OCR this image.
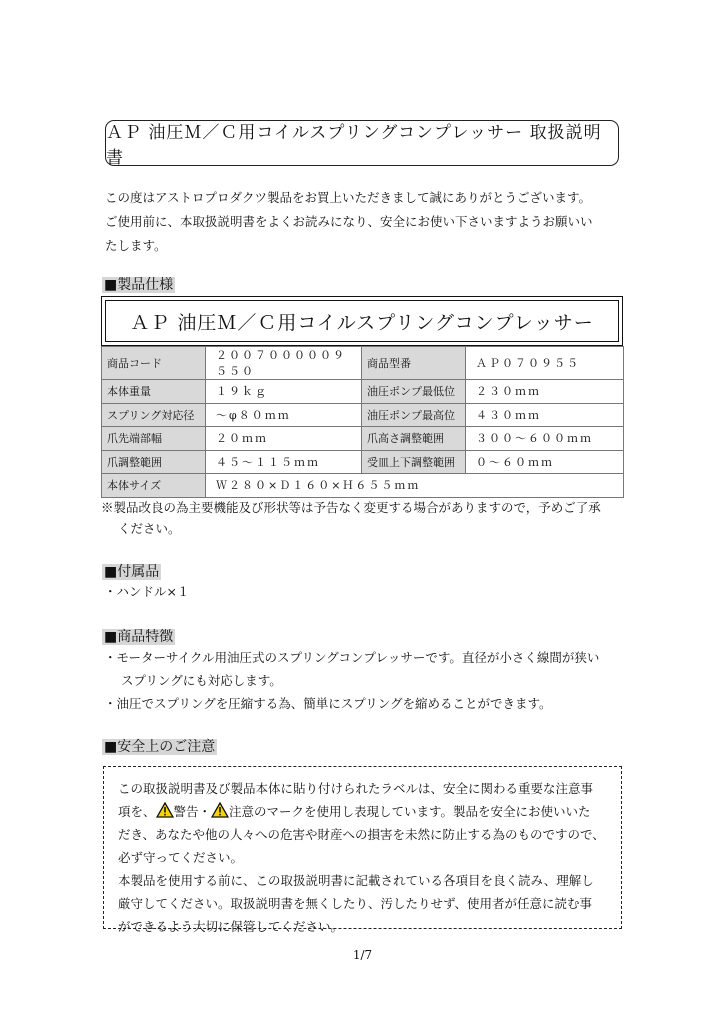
ＡＰ 油圧Ｍ／Ｃ用コイルスプリングコンプレッサー 取扱説明書
この度はアストロプロダクツ製品をお買上いただきまして誠にありがとうございます。
ご使用前に、本取扱説明書をよくお読みになり、安全にお使い下さいますようお願いい
たします。
■製品仕様
ＡＰ 油圧Ｍ／Ｃ用コイルスプリングコンプレッサー
商品コード	２００７０００００９５５０	商品型番	ＡＰ０７０９５５
本体重量	１９ｋｇ	油圧ポンプ最低位	２３０ｍｍ
スプリング対応径	～φ８０ｍｍ	油圧ポンプ最高位	４３０ｍｍ
爪先端部幅	２０ｍｍ	爪高さ調整範囲	３００～６００ｍｍ
爪調整範囲	４５～１１５ｍｍ	受皿上下調整範囲	０～６０ｍｍ
本体サイズ	Ｗ２８０×Ｄ１６０×Ｈ６５５ｍｍ		
※製品改良の為主要機能及び形状等は予告なく変更する場合がありますので，予めご了承
ください。
■付属品
・ハンドル×１
■商品特徴
・モーターサイクル用油圧式のスプリングコンプレッサーです。直径が小さく線間が狭い
スプリングにも対応します。
・油圧でスプリングを圧縮する為、簡単にスプリングを縮めることができます。
■安全上のご注意
この取扱説明書及び製品本体に貼り付けられたラベルは、安全に関わる重要な注意事
項を、 警告・ 注意のマークを使用し表現しています。製品を安全にお使いいた
だき、あなたや他の人々への危害や財産への損害を未然に防止する為のものですので、
必ず守ってください。
本製品を使用する前に、この取扱説明書に記載されている各項目を良く読み、理解し
厳守してください。取扱説明書を無くしたり、汚したりせず、使用者が任意に読む事
ができるよう大切に保管してください。
1/7
